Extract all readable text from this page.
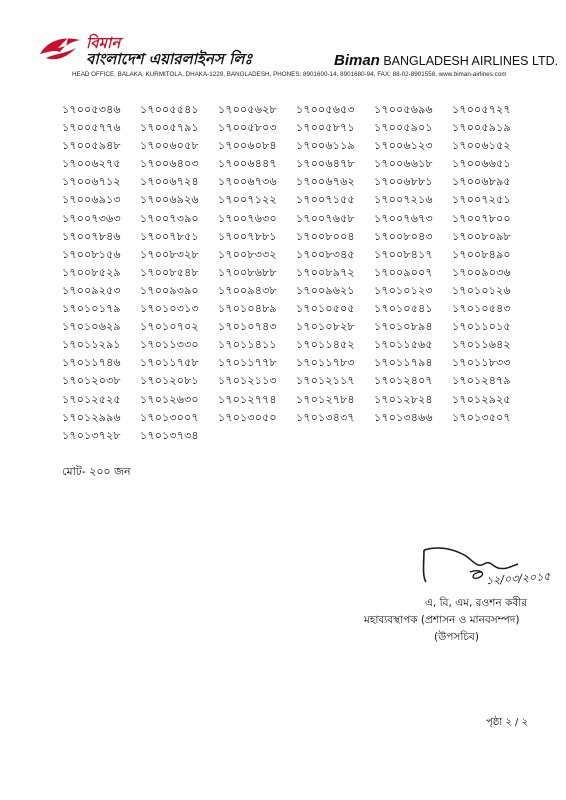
বিমান
বাংলাদেশ এয়ারলাইনস লিঃ	Biman BANGLADESH AIRLINES LTD.
HEAD OFFICE, BALAKA, KURMITOLA, DHAKA-1229, BANGLADESH, PHONES: 8901600-14, 8901680-94, FAX: 88-02-8901558, www.biman-airlines.com
১৭০০৫৩৪৬	১৭০০৫৫৪১	১৭০০৫৬২৮	১৭০০৫৬৫৩	১৭০০৫৬৯৬	১৭০০৫৭২৭
১৭০০৫৭৭৬	১৭০০৫৭৯১	১৭০০৫৮০৩	১৭০০৫৮৭১	১৭০০৫৯০১	১৭০০৫৯১৯
১৭০০৫৯৪৮	১৭০০৬০৫৮	১৭০০৬০৮৪	১৭০০৬১১৯	১৭০০৬১২৩	১৭০০৬১৫২
১৭০০৬২৭৫	১৭০০৬৪০৩	১৭০০৬৪৪৭	১৭০০৬৪৭৮	১৭০০৬৬১৮	১৭০০৬৬৫১
১৭০০৬৭১২	১৭০০৬৭২৪	১৭০০৬৭৩৬	১৭০০৬৭৬২	১৭০০৬৮৮১	১৭০০৬৮৯৫
১৭০০৬৯১৩	১৭০০৬৯২৬	১৭০০৭১২২	১৭০০৭১৫৫	১৭০০৭২১৬	১৭০০৭২৫১
১৭০০৭৩৬৩	১৭০০৭৩৯০	১৭০০৭৬৩০	১৭০০৭৬৫৮	১৭০০৭৬৭৩	১৭০০৭৮০০
১৭০০৭৮৪৬	১৭০০৭৮৫১	১৭০০৭৮৮১	১৭০০৮০০৪	১৭০০৮০৪৩	১৭০০৮০৯৮
১৭০০৮১৫৬	১৭০০৮৩২৮	১৭০০৮৩৩২	১৭০০৮৩৪৫	১৭০০৮৪১৭	১৭০০৮৪৯০
১৭০০৮৫২৯	১৭০০৮৫৪৮	১৭০০৮৬৮৮	১৭০০৮৯৭২	১৭০০৯০০৭	১৭০০৯০৩৬
১৭০০৯২৫৩	১৭০০৯৩৯০	১৭০০৯৪৩৮	১৭০০৯৬২১	১৭০১০১২৩	১৭০১০১২৬
১৭০১০১৭৯	১৭০১০৩১৩	১৭০১০৪৮৯	১৭০১০৫০৫	১৭০১০৫৪১	১৭০১০৫৪৩
১৭০১০৬২৯	১৭০১০৭০২	১৭০১০৭৪৩	১৭০১০৮২৮	১৭০১০৮৯৪	১৭০১১০১৫
১৭০১১২৯১	১৭০১১৩৩০	১৭০১১৪১১	১৭০১১৪৫২	১৭০১১৫৬৫	১৭০১১৬৪২
১৭০১১৭৪৬	১৭০১১৭৫৮	১৭০১১৭৭৮	১৭০১১৭৮৩	১৭০১১৭৯৪	১৭০১১৮৩৩
১৭০১২০৩৮	১৭০১২০৮১	১৭০১২১১৩	১৭০১২১১৭	১৭০১২৪০৭	১৭০১২৪৭৯
১৭০১২৫২৫	১৭০১২৬৩০	১৭০১২৭৭৪	১৭০১২৭৮৪	১৭০১২৮২৪	১৭০১২৯২৫
১৭০১২৯৯৬	১৭০১৩০০৭	১৭০১৩০৫০	১৭০১৩৪৩৭	১৭০১৩৪৬৬	১৭০১৩৫০৭
১৭০১৩৭২৮	১৭০১৩৭৩৪
মোট- ২০০ জন
১২/০৩/২০১৫
এ, বি, এম, রওশন কবীর
মহাব্যবস্থাপক (প্রশাসন ও মানবসম্পদ)
(উপসচিব)
পৃষ্ঠা ২ / ২
